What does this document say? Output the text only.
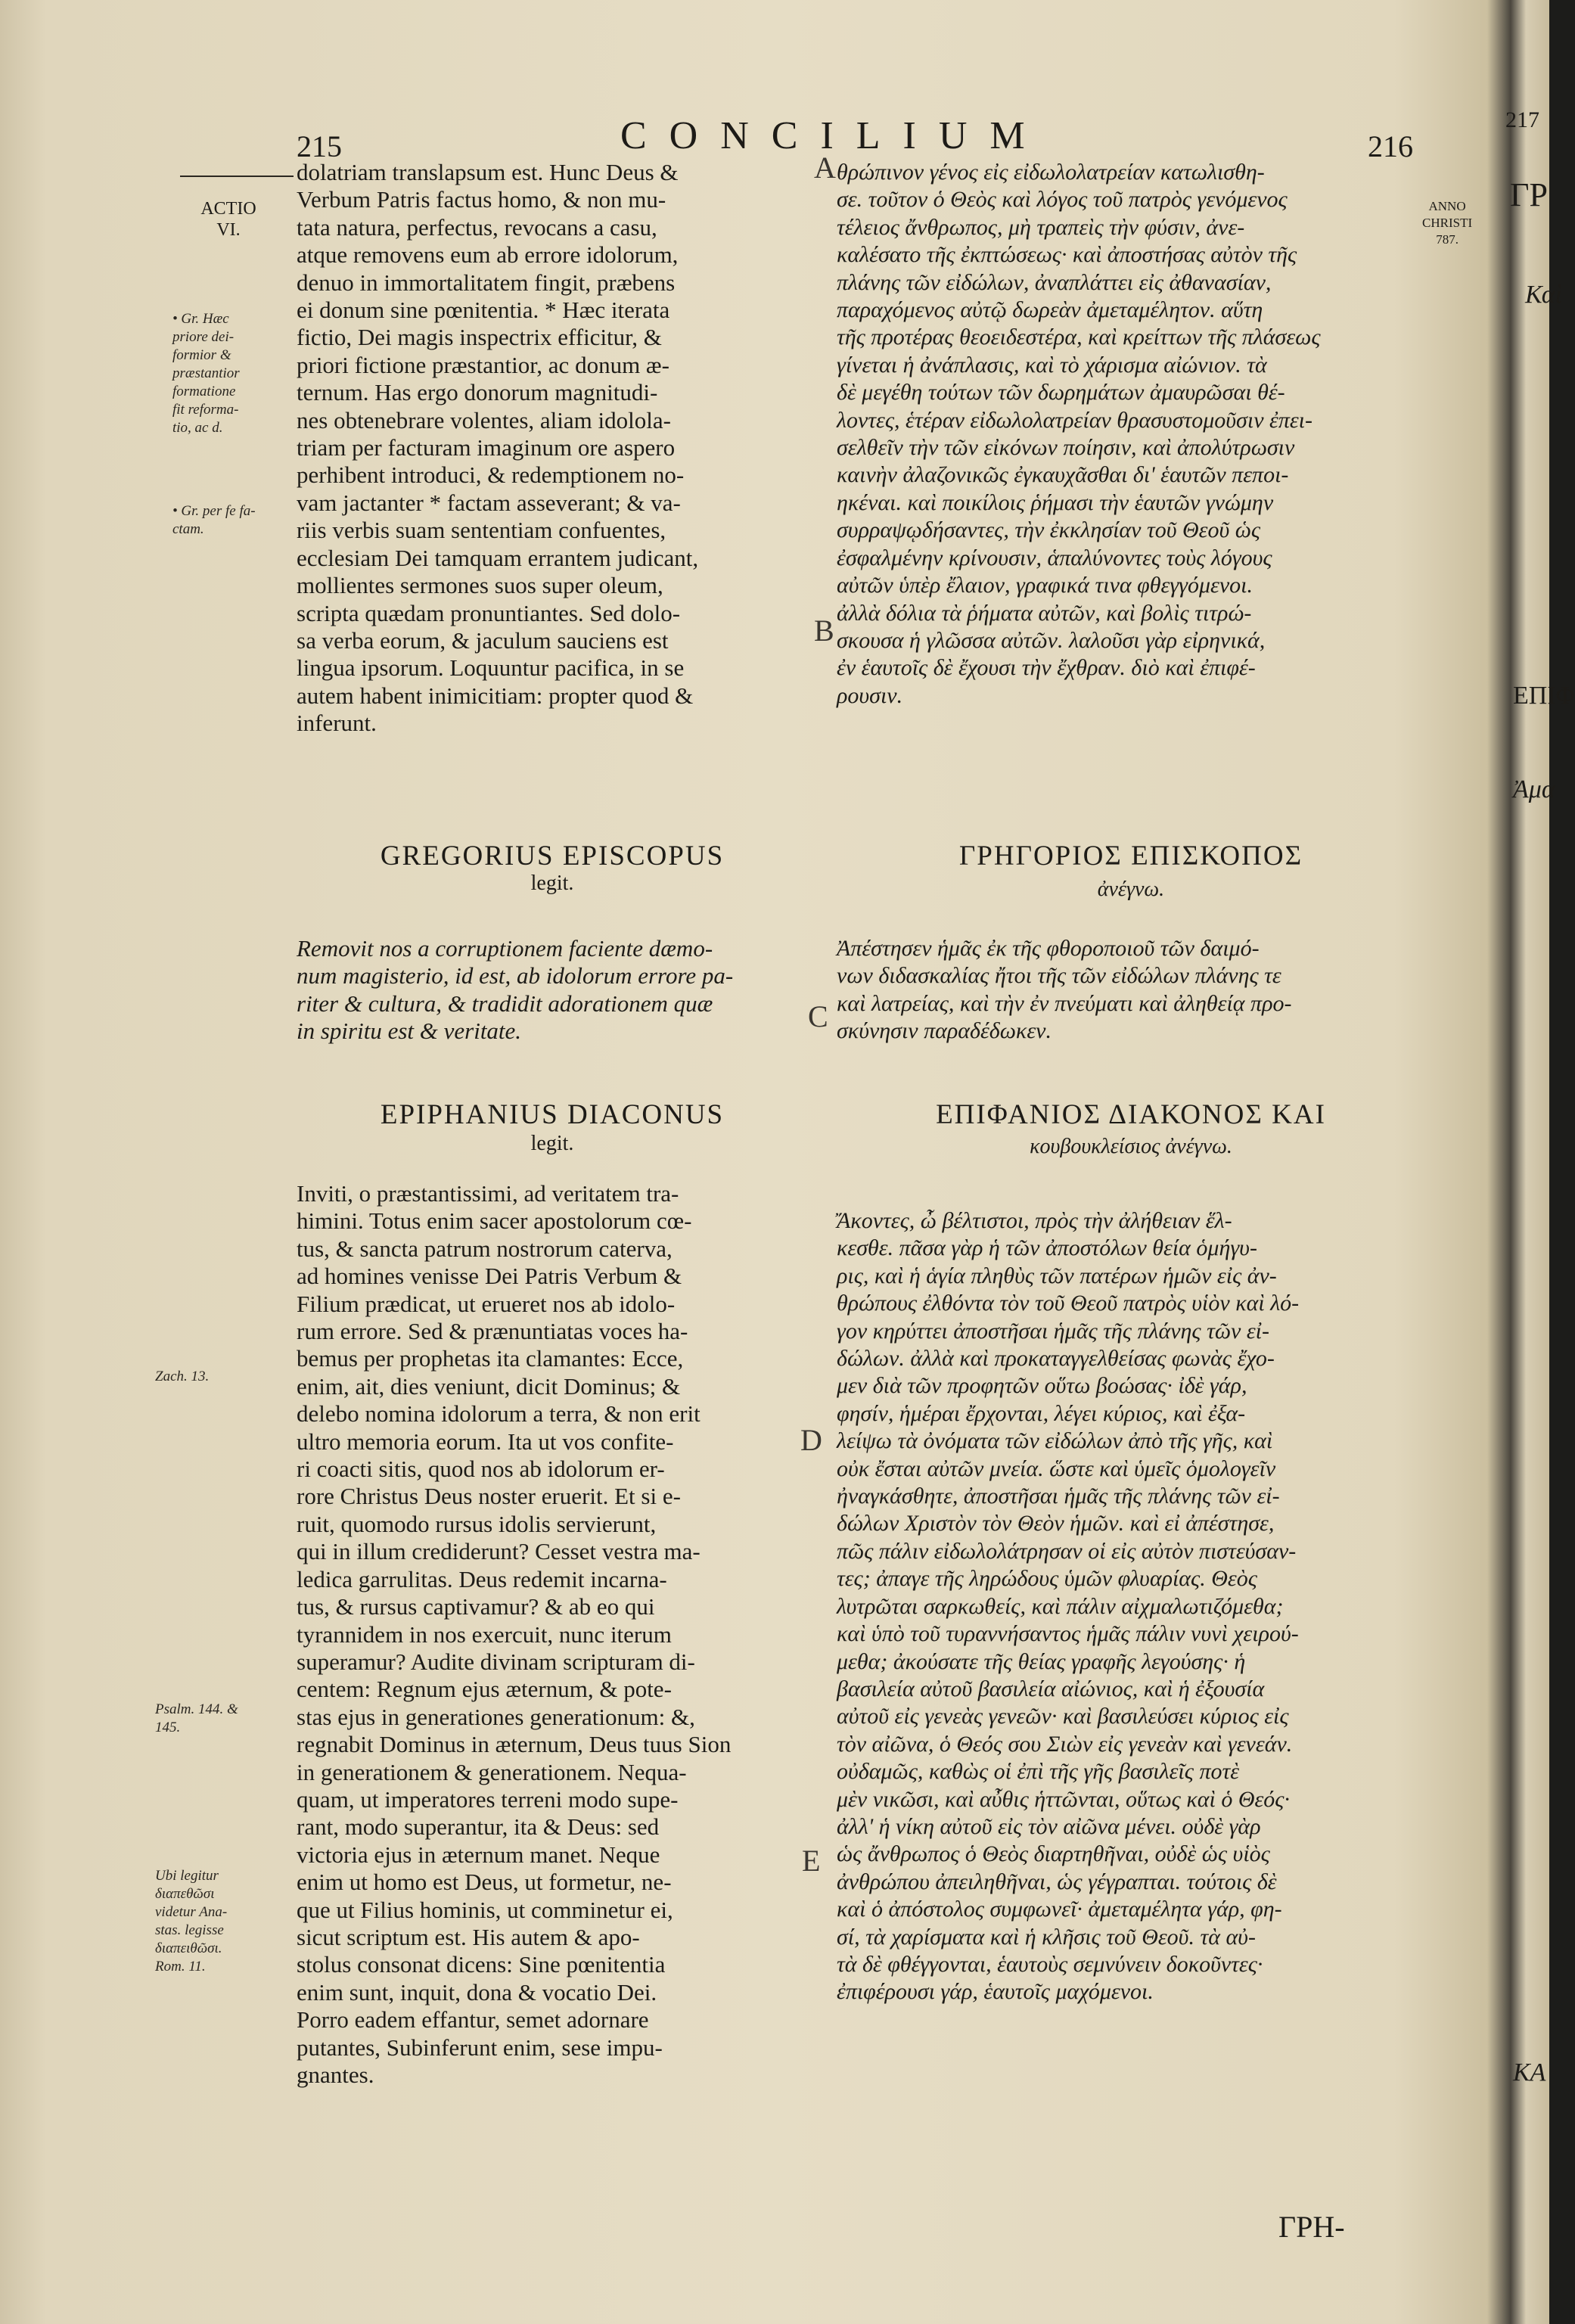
215	CONCILIUM	216
217
ANNO
CHRISTI
787.
ACTIO
VI.
• Gr. Hæc
priore dei-
formior &
præstantior
formatione
fit reforma-
tio, ac d.
• Gr. per fe fa-
ctam.
Zach. 13.
Psalm. 144. &
145.
Ubi legitur
διαπεθῶσι
videtur Ana-
stas. legisse
διαπειθῶσι.
Rom. 11.
A
B
C
D
E

dolatriam translapsum est. Hunc Deus &

Verbum Patris factus homo, & non mu-

tata natura, perfectus, revocans a casu,

atque removens eum ab errore idolorum,

denuo in immortalitatem fingit, præbens

ei donum sine pœnitentia. * Hæc iterata

fictio, Dei magis inspectrix efficitur, &

priori fictione præstantior, ac donum æ-

ternum. Has ergo donorum magnitudi-

nes obtenebrare volentes, aliam idolola-

triam per facturam imaginum ore aspero

perhibent introduci, & redemptionem no-

vam jactanter * factam asseverant; & va-

riis verbis suam sententiam confuentes,

ecclesiam Dei tamquam errantem judicant,

mollientes sermones suos super oleum,

scripta quædam pronuntiantes. Sed dolo-

sa verba eorum, & jaculum sauciens est

lingua ipsorum. Loquuntur pacifica, in se

autem habent inimicitiam: propter quod &

inferunt.

θρώπινον γένος εἰς εἰδωλολατρείαν κατωλισθη-

σε. τοῦτον ὁ Θεὸς καὶ λόγος τοῦ πατρὸς γενόμενος

τέλειος ἄνθρωπος, μὴ τραπεὶς τὴν φύσιν, ἀνε-

καλέσατο τῆς ἐκπτώσεως· καὶ ἀποστήσας αὐτὸν τῆς

πλάνης τῶν εἰδώλων, ἀναπλάττει εἰς ἀθανασίαν,

παραχόμενος αὐτῷ δωρεὰν ἀμεταμέλητον. αὕτη

τῆς προτέρας θεοειδεστέρα, καὶ κρείττων τῆς πλάσεως

γίνεται ἡ ἀνάπλασις, καὶ τὸ χάρισμα αἰώνιον. τὰ

δὲ μεγέθη τούτων τῶν δωρημάτων ἀμαυρῶσαι θέ-

λοντες, ἑτέραν εἰδωλολατρείαν θρασυστομοῦσιν ἐπει-

σελθεῖν τὴν τῶν εἰκόνων ποίησιν, καὶ ἀπολύτρωσιν

καινὴν ἀλαζονικῶς ἐγκαυχᾶσθαι δι' ἑαυτῶν πεποι-

ηκέναι. καὶ ποικίλοις ῥήμασι τὴν ἑαυτῶν γνώμην

συρραψῳδήσαντες, τὴν ἐκκλησίαν τοῦ Θεοῦ ὡς

ἐσφαλμένην κρίνουσιν, ἁπαλύνοντες τοὺς λόγους

αὐτῶν ὑπὲρ ἔλαιον, γραφικά τινα φθεγγόμενοι.

ἀλλὰ δόλια τὰ ῥήματα αὐτῶν, καὶ βολὶς τιτρώ-

σκουσα ἡ γλῶσσα αὐτῶν. λαλοῦσι γὰρ εἰρηνικά,

ἐν ἑαυτοῖς δὲ ἔχουσι τὴν ἔχθραν. διὸ καὶ ἐπιφέ-

ρουσιν.

GREGORIUS EPISCOPUS
legit.
ΓΡΗΓΟΡΙΟΣ ΕΠΙΣΚΟΠΟΣ
ἀνέγνω.

Removit nos a corruptionem faciente dæmo-

num magisterio, id est, ab idolorum errore pa-

riter & cultura, & tradidit adorationem quæ

in spiritu est & veritate.

Ἀπέστησεν ἡμᾶς ἐκ τῆς φθοροποιοῦ τῶν δαιμό-

νων διδασκαλίας ἤτοι τῆς τῶν εἰδώλων πλάνης τε

καὶ λατρείας, καὶ τὴν ἐν πνεύματι καὶ ἀληθείᾳ προ-

σκύνησιν παραδέδωκεν.

EPIPHANIUS DIACONUS
legit.
ΕΠΙΦΑΝΙΟΣ ΔΙΑΚΟΝΟΣ ΚΑΙ
κουβουκλείσιος ἀνέγνω.

Inviti, o præstantissimi, ad veritatem tra-

himini. Totus enim sacer apostolorum cœ-

tus, & sancta patrum nostrorum caterva,

ad homines venisse Dei Patris Verbum &

Filium prædicat, ut erueret nos ab idolo-

rum errore. Sed & prænuntiatas voces ha-

bemus per prophetas ita clamantes: Ecce,

enim, ait, dies veniunt, dicit Dominus; &

delebo nomina idolorum a terra, & non erit

ultro memoria eorum. Ita ut vos confite-

ri coacti sitis, quod nos ab idolorum er-

rore Christus Deus noster eruerit. Et si e-

ruit, quomodo rursus idolis servierunt,

qui in illum crediderunt? Cesset vestra ma-

ledica garrulitas. Deus redemit incarna-

tus, & rursus captivamur? & ab eo qui

tyrannidem in nos exercuit, nunc iterum

superamur? Audite divinam scripturam di-

centem: Regnum ejus æternum, & pote-

stas ejus in generationes generationum: &,

regnabit Dominus in æternum, Deus tuus Sion

in generationem & generationem. Nequa-

quam, ut imperatores terreni modo supe-

rant, modo superantur, ita & Deus: sed

victoria ejus in æternum manet. Neque

enim ut homo est Deus, ut formetur, ne-

que ut Filius hominis, ut comminetur ei,

sicut scriptum est. His autem & apo-

stolus consonat dicens: Sine pœnitentia

enim sunt, inquit, dona & vocatio Dei.

Porro eadem effantur, semet adornare

putantes, Subinferunt enim, sese impu-

gnantes.

Ἄκοντες, ὦ βέλτιστοι, πρὸς τὴν ἀλήθειαν ἕλ-

κεσθε. πᾶσα γὰρ ἡ τῶν ἀποστόλων θεία ὁμήγυ-

ρις, καὶ ἡ ἁγία πληθὺς τῶν πατέρων ἡμῶν εἰς ἀν-

θρώπους ἐλθόντα τὸν τοῦ Θεοῦ πατρὸς υἱὸν καὶ λό-

γον κηρύττει ἀποστῆσαι ἡμᾶς τῆς πλάνης τῶν εἰ-

δώλων. ἀλλὰ καὶ προκαταγγελθείσας φωνὰς ἔχο-

μεν διὰ τῶν προφητῶν οὕτω βοώσας· ἰδὲ γάρ,

φησίν, ἡμέραι ἔρχονται, λέγει κύριος, καὶ ἐξα-

λείψω τὰ ὀνόματα τῶν εἰδώλων ἀπὸ τῆς γῆς, καὶ

οὐκ ἔσται αὐτῶν μνεία. ὥστε καὶ ὑμεῖς ὁμολογεῖν

ἠναγκάσθητε, ἀποστῆσαι ἡμᾶς τῆς πλάνης τῶν εἰ-

δώλων Χριστὸν τὸν Θεὸν ἡμῶν. καὶ εἰ ἀπέστησε,

πῶς πάλιν εἰδωλολάτρησαν οἱ εἰς αὐτὸν πιστεύσαν-

τες; ἀπαγε τῆς ληρώδους ὑμῶν φλυαρίας. Θεὸς

λυτρῶται σαρκωθείς, καὶ πάλιν αἰχμαλωτιζόμεθα;

καὶ ὑπὸ τοῦ τυραννήσαντος ἡμᾶς πάλιν νυνὶ χειρού-

μεθα; ἀκούσατε τῆς θείας γραφῆς λεγούσης· ἡ

βασιλεία αὐτοῦ βασιλεία αἰώνιος, καὶ ἡ ἐξουσία

αὐτοῦ εἰς γενεὰς γενεῶν· καὶ βασιλεύσει κύριος εἰς

τὸν αἰῶνα, ὁ Θεός σου Σιὼν εἰς γενεὰν καὶ γενεάν.

οὐδαμῶς, καθὼς οἱ ἐπὶ τῆς γῆς βασιλεῖς ποτὲ

μὲν νικῶσι, καὶ αὖθις ἡττῶνται, οὕτως καὶ ὁ Θεός·

ἀλλ' ἡ νίκη αὐτοῦ εἰς τὸν αἰῶνα μένει. οὐδὲ γὰρ

ὡς ἄνθρωπος ὁ Θεὸς διαρτηθῆναι, οὐδὲ ὡς υἱὸς

ἀνθρώπου ἀπειληθῆναι, ὡς γέγραπται. τούτοις δὲ

καὶ ὁ ἀπόστολος συμφωνεῖ· ἀμεταμέλητα γάρ, φη-

σί, τὰ χαρίσματα καὶ ἡ κλῆσις τοῦ Θεοῦ. τὰ αὐ-

τὰ δὲ φθέγγονται, ἑαυτοὺς σεμνύνειν δοκοῦντες·

ἐπιφέρουσι γάρ, ἑαυτοῖς μαχόμενοι.

ΓΡΗ-
ΓΡ
Καὶ
ΕΠΙΦ
Ἀμα
ΚΑ
